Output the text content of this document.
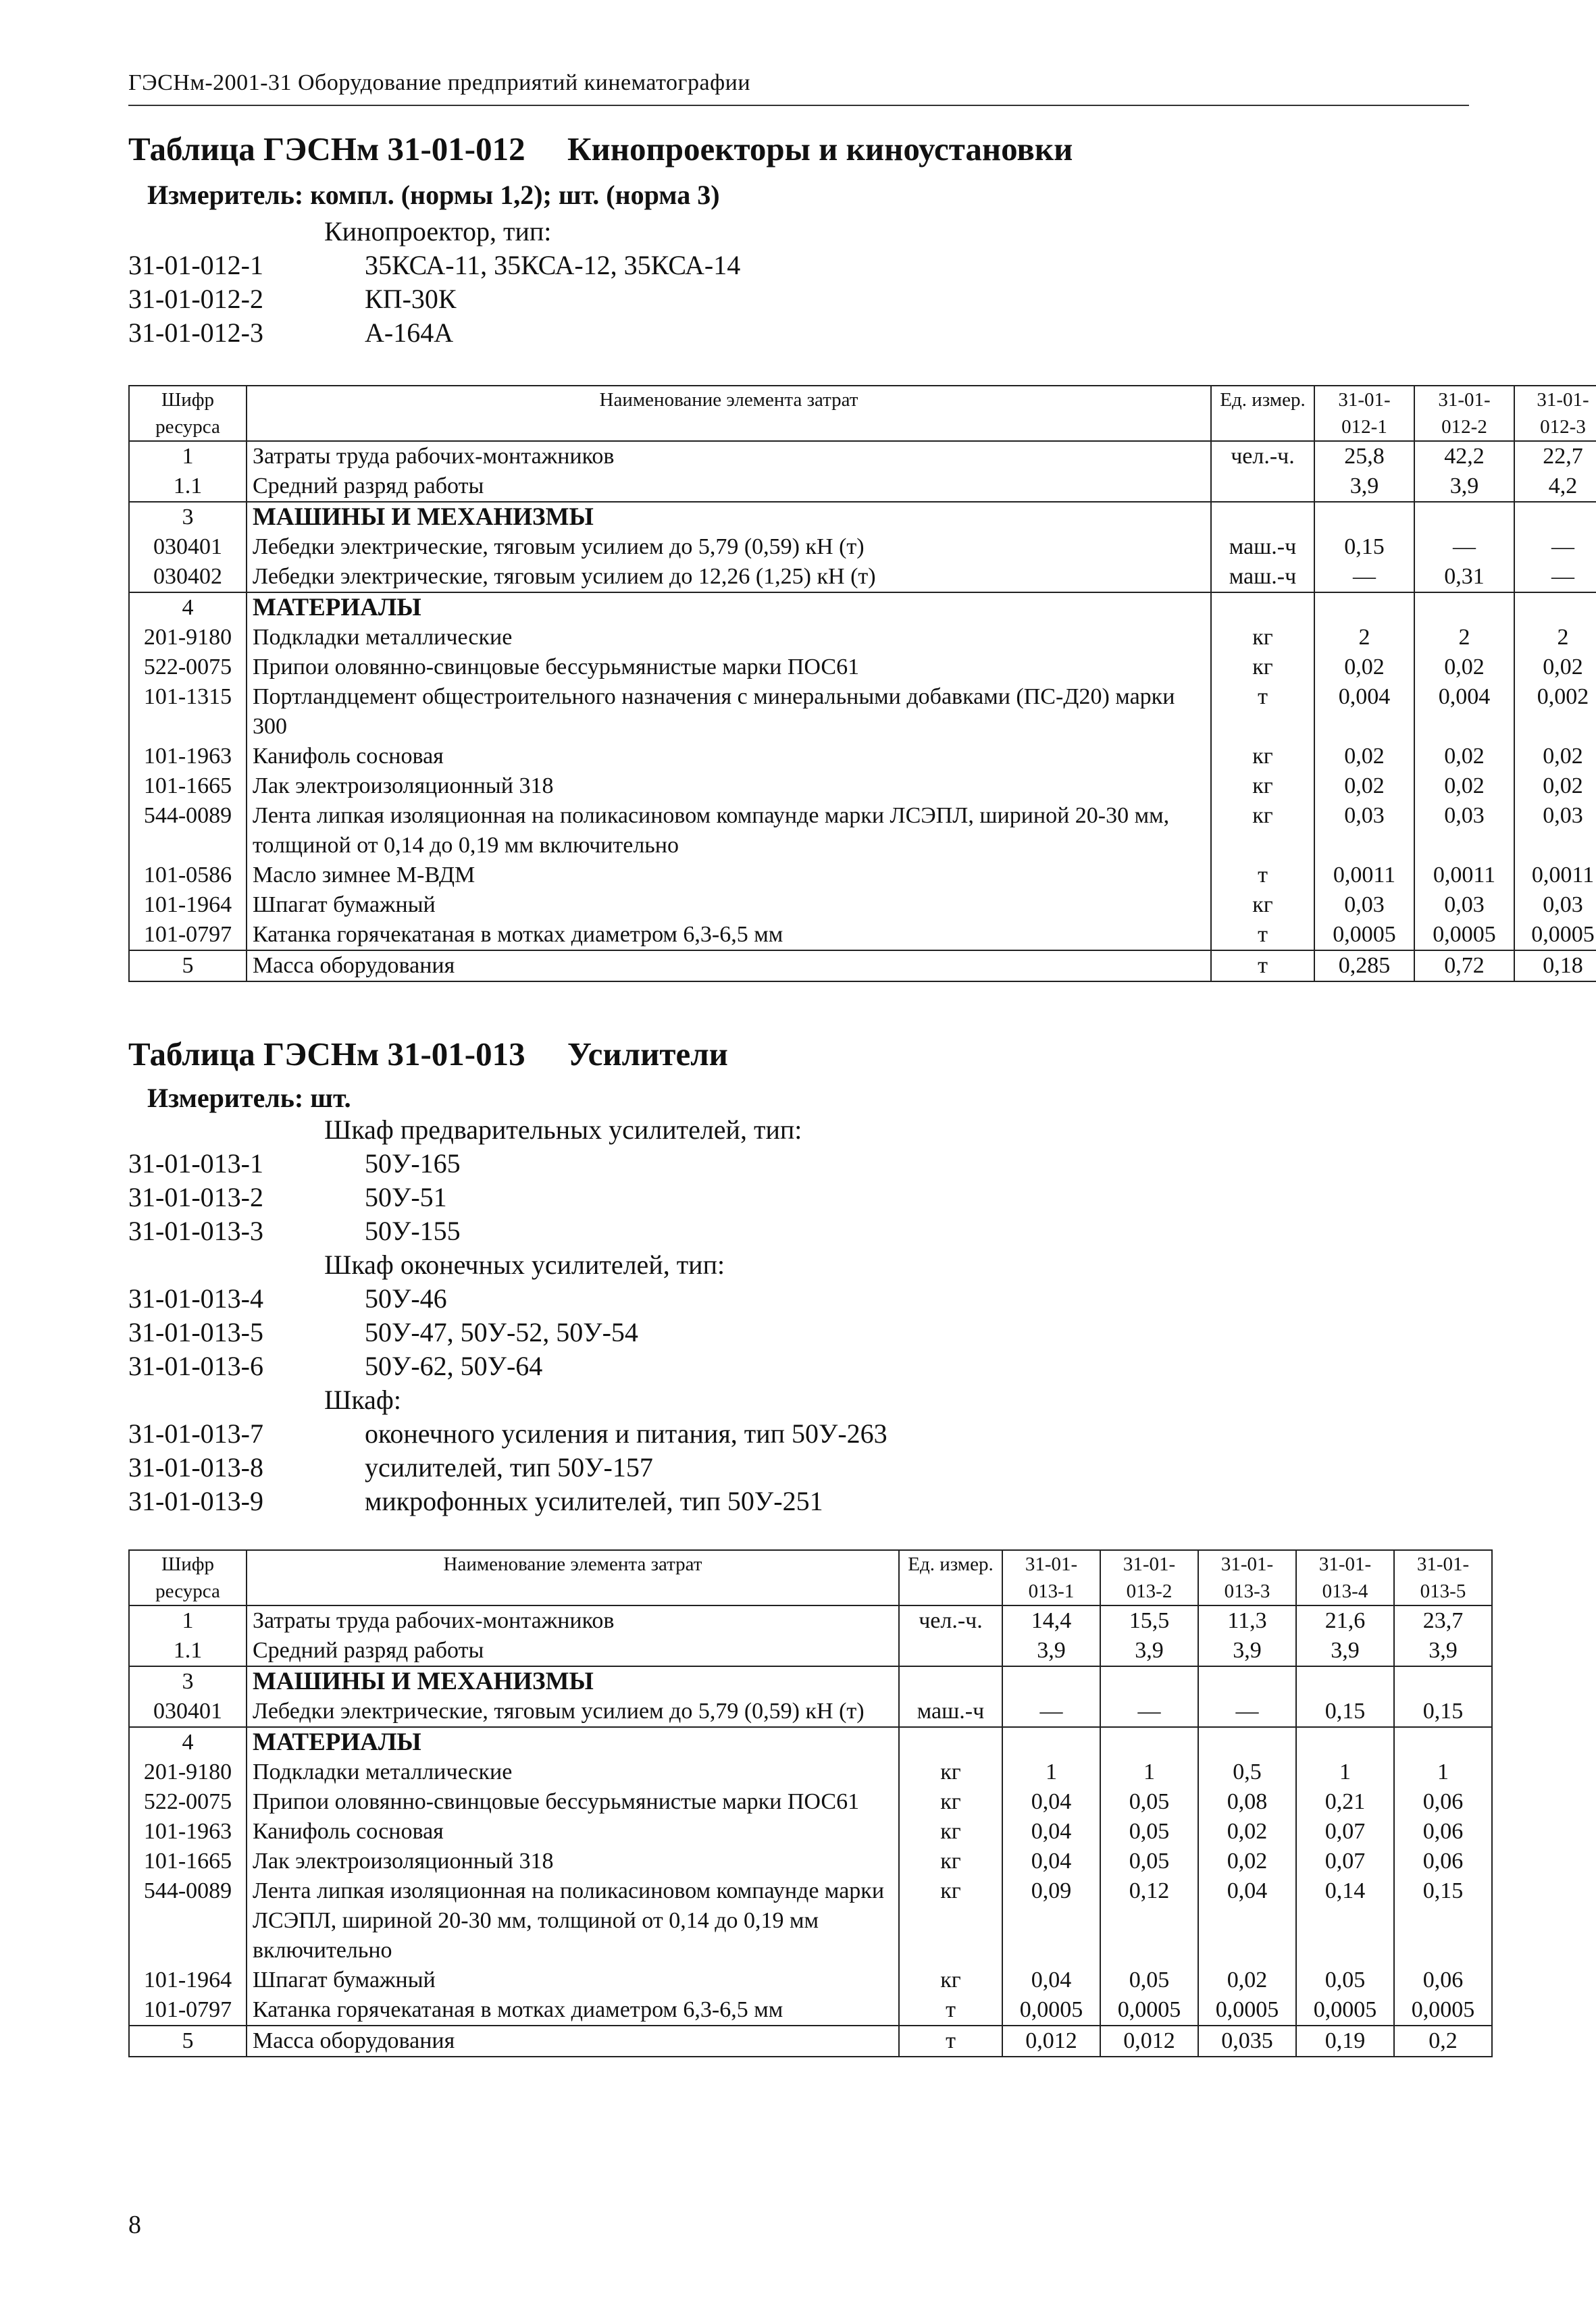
ГЭСНм-2001-31 Оборудование предприятий кинематографии
Таблица ГЭСНм 31-01-012 Кинопроекторы и киноустановки
Измеритель: компл. (нормы 1,2); шт. (норма 3)
Кинопроектор, тип:
31-01-012-1	35КСА-11, 35КСА-12, 35КСА-14
31-01-012-2	КП-30К
31-01-012-3	А-164А
Шифр ресурса	Наименование элемента затрат	Ед. измер.	31-01-012-1	31-01-012-2	31-01-012-3
1	Затраты труда рабочих-монтажников	чел.-ч.	25,8	42,2	22,7
1.1	Средний разряд работы		3,9	3,9	4,2
3	МАШИНЫ И МЕХАНИЗМЫ				
030401	Лебедки электрические, тяговым усилием до 5,79 (0,59) кН (т)	маш.-ч	0,15	—	—
030402	Лебедки электрические, тяговым усилием до 12,26 (1,25) кН (т)	маш.-ч	—	0,31	—
4	МАТЕРИАЛЫ				
201-9180	Подкладки металлические	кг	2	2	2
522-0075	Припои оловянно-свинцовые бессурьмянистые марки ПОС61	кг	0,02	0,02	0,02
101-1315	Портландцемент общестроительного назначения с минеральными добавками (ПС-Д20) марки 300	т	0,004	0,004	0,002
101-1963	Канифоль сосновая	кг	0,02	0,02	0,02
101-1665	Лак электроизоляционный 318	кг	0,02	0,02	0,02
544-0089	Лента липкая изоляционная на поликасиновом компаунде марки ЛСЭПЛ, шириной 20-30 мм, толщиной от 0,14 до 0,19 мм включительно	кг	0,03	0,03	0,03
101-0586	Масло зимнее М-ВДМ	т	0,0011	0,0011	0,0011
101-1964	Шпагат бумажный	кг	0,03	0,03	0,03
101-0797	Катанка горячекатаная в мотках диаметром 6,3-6,5 мм	т	0,0005	0,0005	0,0005
5	Масса оборудования	т	0,285	0,72	0,18
Таблица ГЭСНм 31-01-013 Усилители
Измеритель: шт.
Шкаф предварительных усилителей, тип:
31-01-013-1	50У-165
31-01-013-2	50У-51
31-01-013-3	50У-155
Шкаф оконечных усилителей, тип:
31-01-013-4	50У-46
31-01-013-5	50У-47, 50У-52, 50У-54
31-01-013-6	50У-62, 50У-64
Шкаф:
31-01-013-7	оконечного усиления и питания, тип 50У-263
31-01-013-8	усилителей, тип 50У-157
31-01-013-9	микрофонных усилителей, тип 50У-251
Шифр ресурса	Наименование элемента затрат	Ед. измер.	31-01-013-1	31-01-013-2	31-01-013-3	31-01-013-4	31-01-013-5
1	Затраты труда рабочих-монтажников	чел.-ч.	14,4	15,5	11,3	21,6	23,7
1.1	Средний разряд работы		3,9	3,9	3,9	3,9	3,9
3	МАШИНЫ И МЕХАНИЗМЫ						
030401	Лебедки электрические, тяговым усилием до 5,79 (0,59) кН (т)	маш.-ч	—	—	—	0,15	0,15
4	МАТЕРИАЛЫ						
201-9180	Подкладки металлические	кг	1	1	0,5	1	1
522-0075	Припои оловянно-свинцовые бессурьмянистые марки ПОС61	кг	0,04	0,05	0,08	0,21	0,06
101-1963	Канифоль сосновая	кг	0,04	0,05	0,02	0,07	0,06
101-1665	Лак электроизоляционный 318	кг	0,04	0,05	0,02	0,07	0,06
544-0089	Лента липкая изоляционная на поликасиновом компаунде марки ЛСЭПЛ, шириной 20-30 мм, толщиной от 0,14 до 0,19 мм включительно	кг	0,09	0,12	0,04	0,14	0,15
101-1964	Шпагат бумажный	кг	0,04	0,05	0,02	0,05	0,06
101-0797	Катанка горячекатаная в мотках диаметром 6,3-6,5 мм	т	0,0005	0,0005	0,0005	0,0005	0,0005
5	Масса оборудования	т	0,012	0,012	0,035	0,19	0,2
8
